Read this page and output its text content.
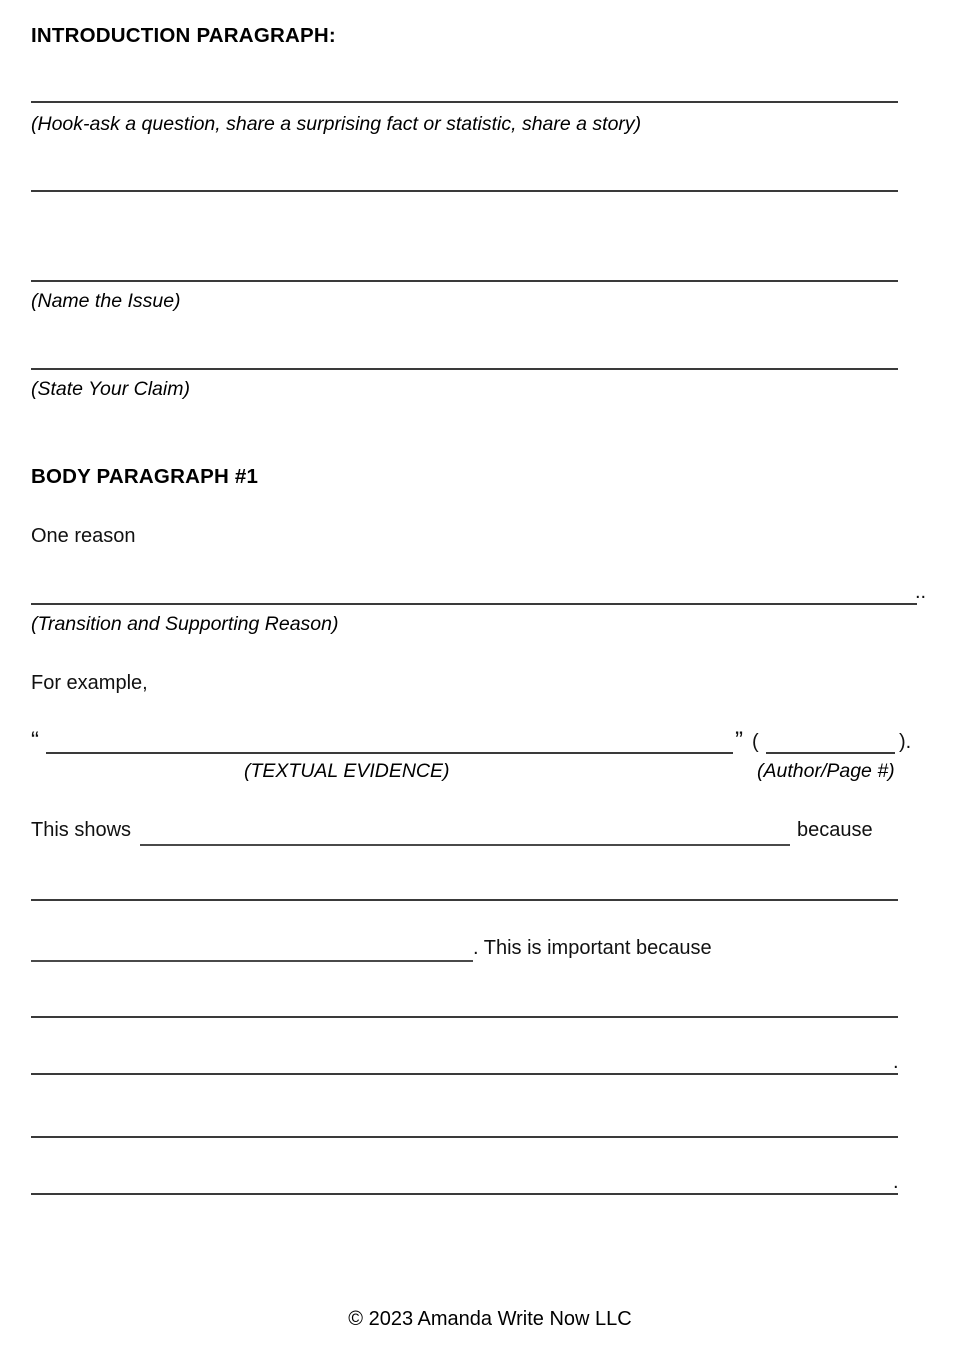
INTRODUCTION PARAGRAPH:
(Hook-ask a question, share a surprising fact or statistic, share a story)
(Name the Issue)
(State Your Claim)
BODY PARAGRAPH #1
One reason
..
(Transition and Supporting Reason)
For example,
“	” (	).
(TEXTUAL EVIDENCE)	(Author/Page #)
This shows	because
. This is important because
.
.
© 2023 Amanda Write Now LLC
